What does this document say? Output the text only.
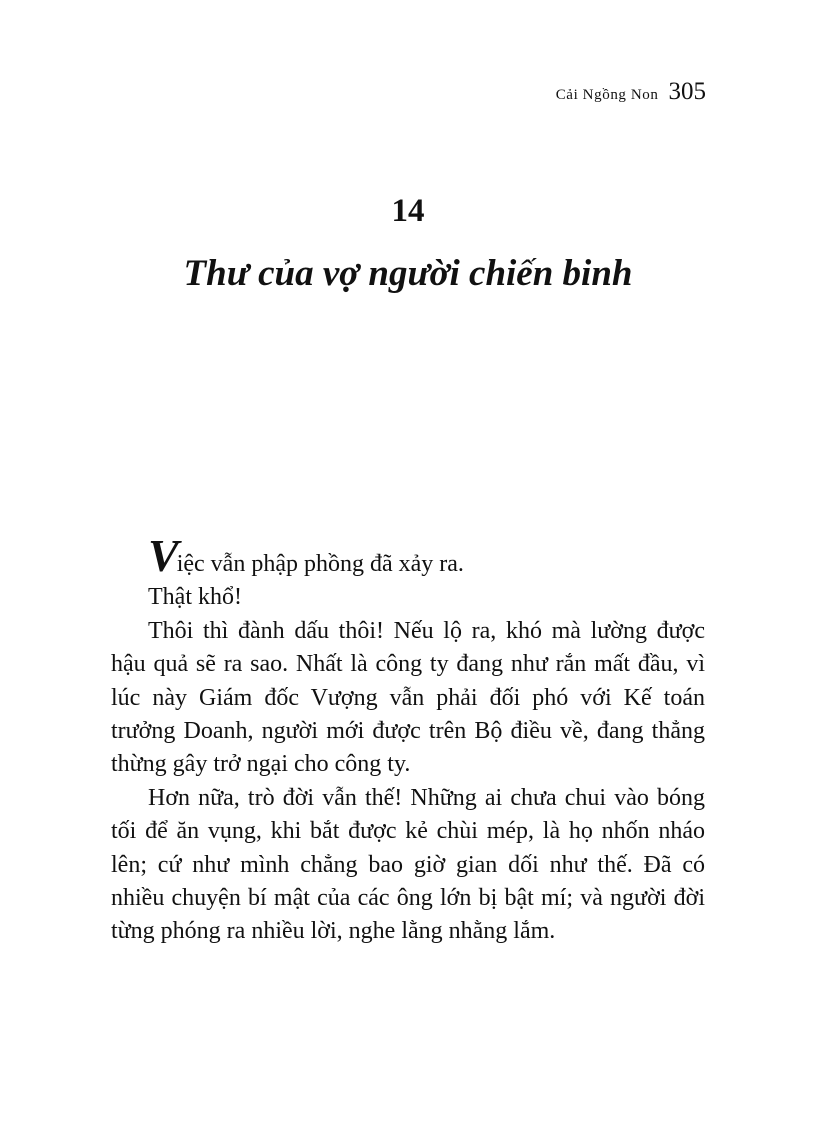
Cải Ngồng Non 305
14
Thư của vợ người chiến binh

Việc vẫn phập phồng đã xảy ra.

Thật khổ!

Thôi thì đành dấu thôi! Nếu lộ ra, khó mà lường được hậu quả sẽ ra sao. Nhất là công ty đang như rắn mất đầu, vì lúc này Giám đốc Vượng vẫn phải đối phó với Kế toán trưởng Doanh, người mới được trên Bộ điều về, đang thẳng thừng gây trở ngại cho công ty.

Hơn nữa, trò đời vẫn thế! Những ai chưa chui vào bóng tối để ăn vụng, khi bắt được kẻ chùi mép, là họ nhốn nháo lên; cứ như mình chẳng bao giờ gian dối như thế. Đã có nhiều chuyện bí mật của các ông lớn bị bật mí; và người đời từng phóng ra nhiều lời, nghe lằng nhằng lắm.
